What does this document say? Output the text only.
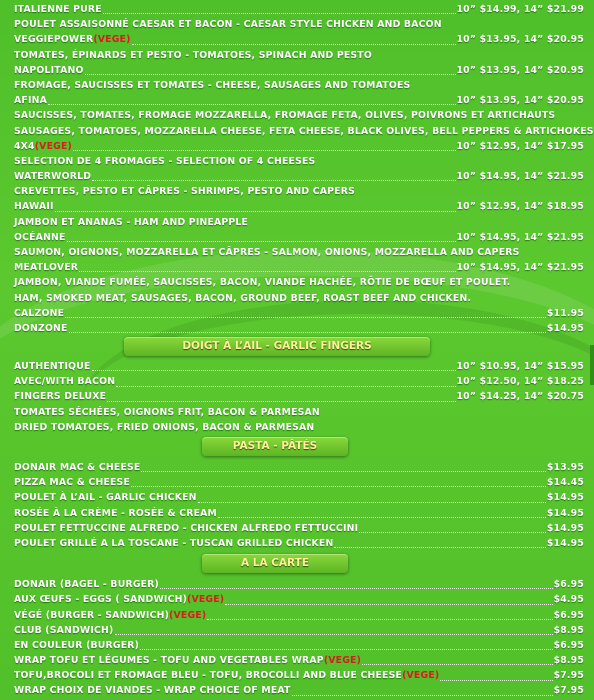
ITALIENNE PURE	10” $14.99, 14” $21.99
POULET ASSAISONNÉ CAESAR ET BACON - CAESAR STYLE CHICKEN AND BACON
VEGGIEPOWER (VEGE)	10” $13.95, 14” $20.95
TOMATES, ÉPINARDS ET PESTO - TOMATOES, SPINACH AND PESTO
NAPOLITANO	10” $13.95, 14” $20.95
FROMAGE, SAUCISSES ET TOMATES - CHEESE, SAUSAGES AND TOMATOES
AFINA	10” $13.95, 14” $20.95
SAUCISSES, TOMATES, FROMAGE MOZZARELLA, FROMAGE FETA, OLIVES, POIVRONS ET ARTICHAUTS
SAUSAGES, TOMATOES, MOZZARELLA CHEESE, FETA CHEESE, BLACK OLIVES, BELL PEPPERS & ARTICHOKES
4X4 (VEGE)	10” $12.95, 14” $17.95
SELECTION DE 4 FROMAGES - SELECTION OF 4 CHEESES
WATERWORLD	10” $14.95, 14” $21.95
CREVETTES, PESTO ET CÂPRES - SHRIMPS, PESTO AND CAPERS
HAWAII	10” $12.95, 14” $18.95
JAMBON ET ANANAS - HAM AND PINEAPPLE
OCÉANNE	10” $14.95, 14” $21.95
SAUMON, OIGNONS, MOZZARELLA ET CÂPRES - SALMON, ONIONS, MOZZARELLA AND CAPERS
MEATLOVER	10” $14.95, 14” $21.95
JAMBON, VIANDE FUMÉE, SAUCISSES, BACON, VIANDE HACHÉE, RÔTIE DE BŒUF ET POULET.
HAM, SMOKED MEAT, SAUSAGES, BACON, GROUND BEEF, ROAST BEEF AND CHICKEN.
CALZONE	$11.95
DONZONE	$14.95
AUTHENTIQUE	10” $10.95, 14” $15.95
AVEC/WITH BACON	10” $12.50, 14” $18.25
FINGERS DELUXE	10” $14.25, 14” $20.75
TOMATES SÉCHÉES, OIGNONS FRIT, BACON & PARMESAN
DRIED TOMATOES, FRIED ONIONS, BACON & PARMESAN
DONAIR MAC & CHEESE	$13.95
PIZZA MAC & CHEESE	$14.45
POULET À L’AIL - GARLIC CHICKEN	$14.95
ROSÉE À LA CRÈME - ROSÉE & CREAM	$14.95
POULET FETTUCCINE ALFREDO - CHICKEN ALFREDO FETTUCCINI	$14.95
POULET GRILLÉ A LA TOSCANE - TUSCAN GRILLED CHICKEN	$14.95
DONAIR (BAGEL - BURGER)	$6.95
AUX ŒUFS - EGGS ( SANDWICH) (VEGE)	$4.95
VÉGÉ (BURGER - SANDWICH) (VEGE)	$6.95
CLUB (SANDWICH)	$8.95
EN COULEUR (BURGER)	$6.95
WRAP TOFU ET LÉGUMES - TOFU AND VEGETABLES WRAP (VEGE)	$8.95
TOFU,BROCOLI ET FROMAGE BLEU - TOFU, BROCOLLI AND BLUE CHEESE (VEGE)	$7.95
WRAP CHOIX DE VIANDES - WRAP CHOICE OF MEAT	$7.95
DOIGT À L’AIL - GARLIC FINGERS
PASTA - PÂTÉS
A LA CARTE
